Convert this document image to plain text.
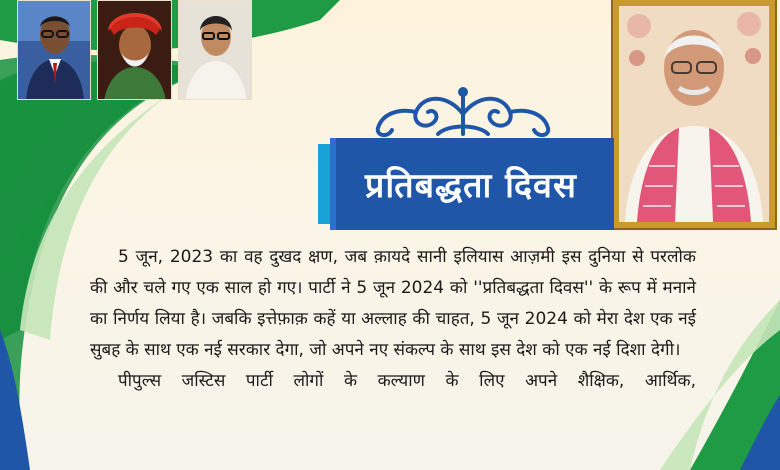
प्रतिबद्धता दिवस

5 जून, 2023 का वह दुखद क्षण, जब क़ायदे सानी इलियास आज़मी इस दुनिया से परलोक की और चले गए एक साल हो गए। पार्टी ने 5 जून 2024 को ''प्रतिबद्धता दिवस'' के रूप में मनाने का निर्णय लिया है। जबकि इत्तेफ़ाक़ कहें या अल्लाह की चाहत, 5 जून 2024 को मेरा देश एक नई सुबह के साथ एक नई सरकार देगा, जो अपने नए संकल्प के साथ इस देश को एक नई दिशा देगी।

पीपुल्स जस्टिस पार्टी लोगों के कल्याण के लिए अपने शैक्षिक, आर्थिक,
